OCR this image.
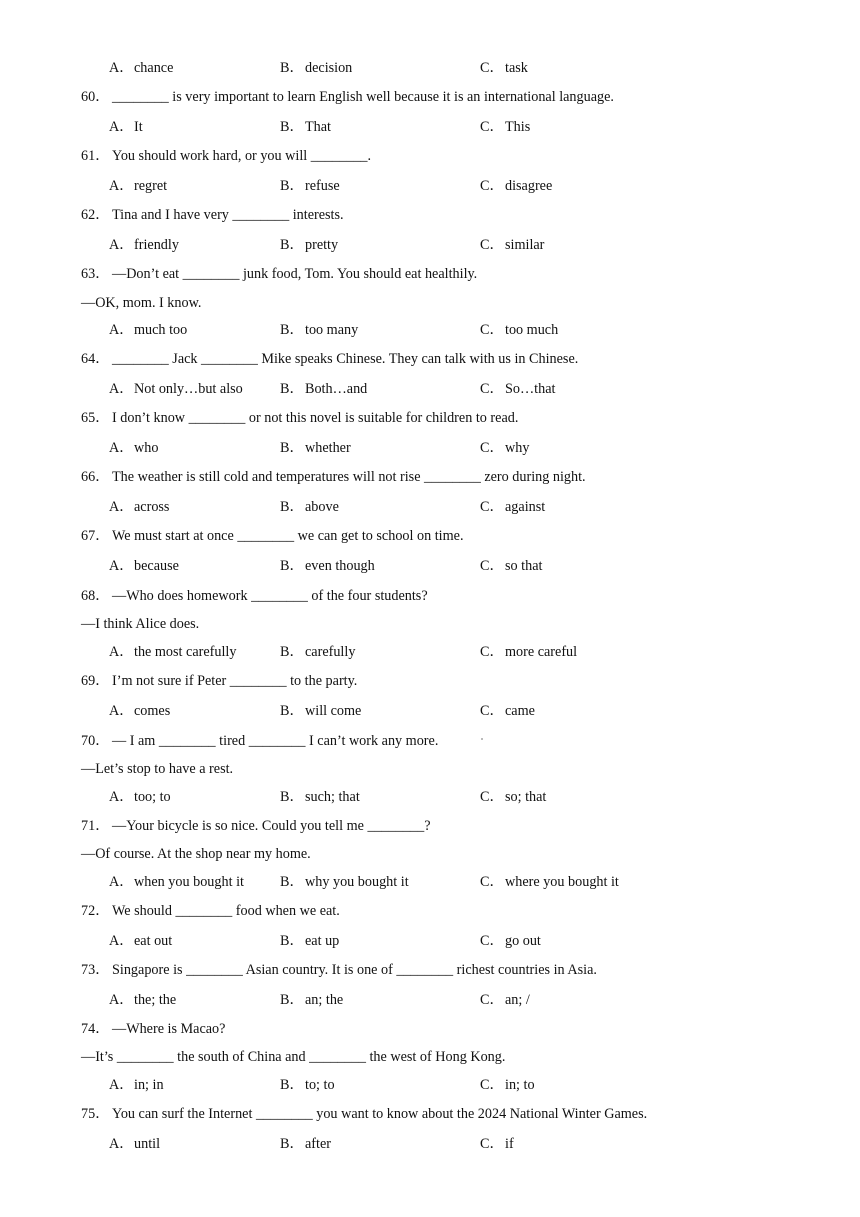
A．chance	B．decision	C．task
60． ________ is very important to learn English well because it is an international language.
A．It	B．That	C．This
61． You should work hard, or you will ________.
A．regret	B．refuse	C．disagree
62． Tina and I have very ________ interests.
A．friendly	B．pretty	C．similar
63． —Don’t eat ________ junk food, Tom. You should eat healthily.
—OK, mom. I know.
A．much too	B．too many	C．too much
64． ________ Jack ________ Mike speaks Chinese. They can talk with us in Chinese.
A．Not only…but also	B．Both…and	C．So…that
65． I don’t know ________ or not this novel is suitable for children to read.
A．who	B．whether	C．why
66． The weather is still cold and temperatures will not rise ________ zero during night.
A．across	B．above	C．against
67． We must start at once ________ we can get to school on time.
A．because	B．even though	C．so that
68． —Who does homework ________ of the four students?
—I think Alice does.
A．the most carefully	B．carefully	C．more careful
69． I’m not sure if Peter ________ to the party.
A．comes	B．will come	C．came
70． — I am ________ tired ________ I can’t work any more.
—Let’s stop to have a rest.
A．too; to	B．such; that	C．so; that
71． —Your bicycle is so nice. Could you tell me ________?
—Of course. At the shop near my home.
A．when you bought it	B．why you bought it	C．where you bought it
72． We should ________ food when we eat.
A．eat out	B．eat up	C．go out
73． Singapore is ________ Asian country. It is one of ________ richest countries in Asia.
A．the; the	B．an; the	C．an; /
74． —Where is Macao?
—It’s ________ the south of China and ________ the west of Hong Kong.
A．in; in	B．to; to	C．in; to
75． You can surf the Internet ________ you want to know about the 2024 National Winter Games.
A．until	B．after	C．if
